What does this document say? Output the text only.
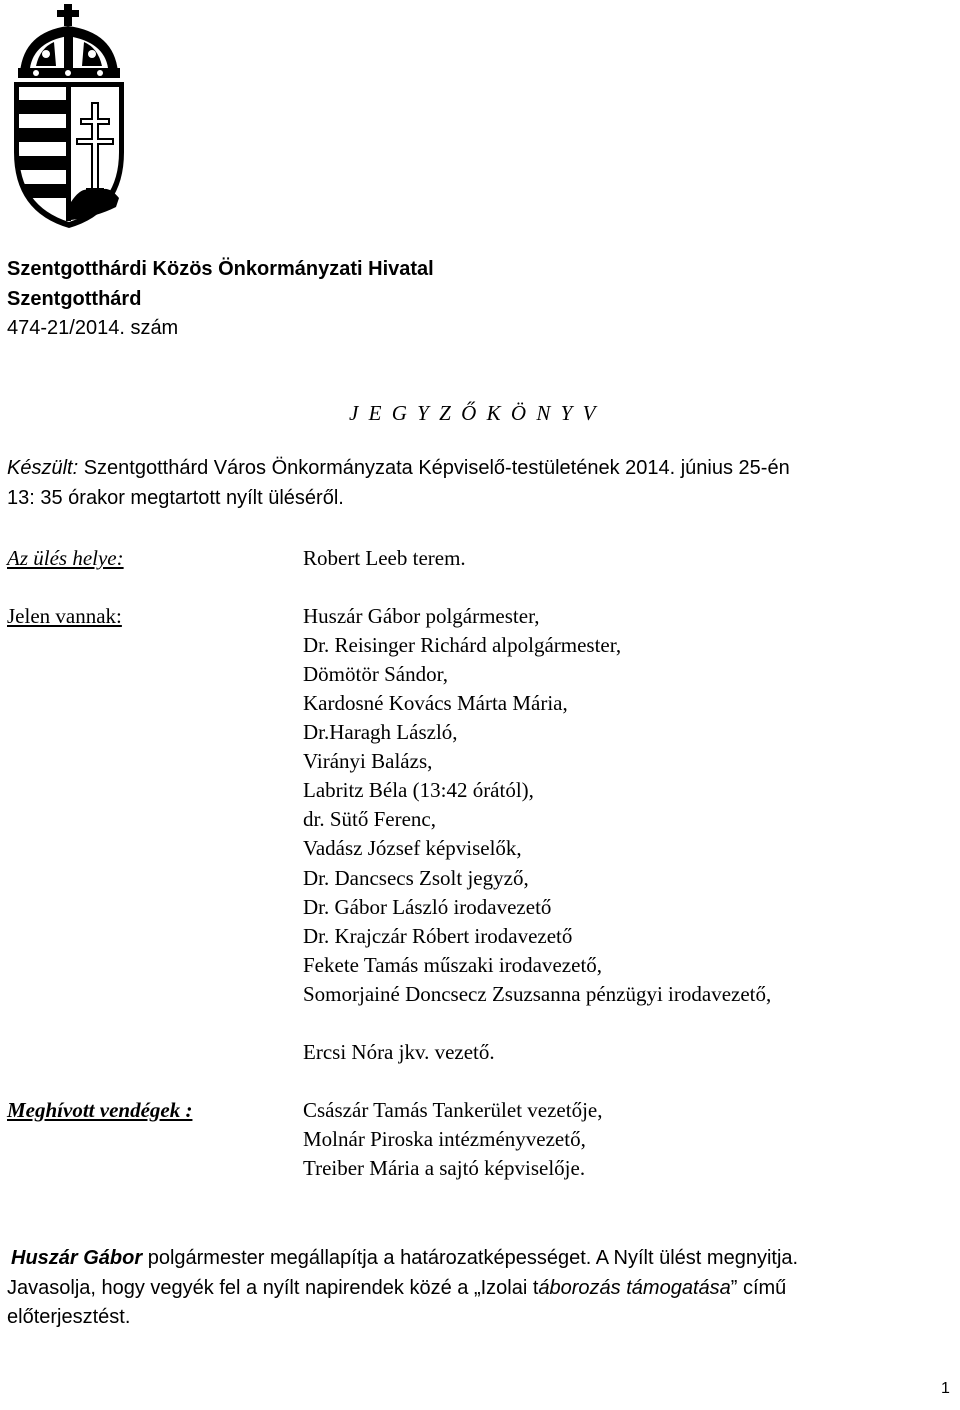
Szentgotthárdi Közös Önkormányzati Hivatal
Szentgotthárd
474-21/2014. szám
J E G Y Z Ő K Ö N Y V
Készült: Szentgotthárd Város Önkormányzata Képviselő-testületének 2014. június 25-én
13: 35 órakor megtartott nyílt üléséről.
Az ülés helye:	Robert Leeb terem.
Jelen vannak:	Huszár Gábor polgármester,
Dr. Reisinger Richárd alpolgármester,
Dömötör Sándor,
Kardosné Kovács Márta Mária,
Dr.Haragh László,
Virányi Balázs,
Labritz Béla (13:42 órától),
dr. Sütő Ferenc,
Vadász József képviselők,
Dr. Dancsecs Zsolt jegyző,
Dr. Gábor László irodavezető
Dr. Krajczár Róbert irodavezető
Fekete Tamás műszaki irodavezető,
Somorjainé Doncsecz Zsuzsanna pénzügyi irodavezető,
Ercsi Nóra jkv. vezető.
Meghívott vendégek :	Császár Tamás Tankerület vezetője,
Molnár Piroska intézményvezető,
Treiber Mária a sajtó képviselője.
Huszár Gábor polgármester megállapítja a határozatképességet. A Nyílt ülést megnyitja.
Javasolja, hogy vegyék fel a nyílt napirendek közé a „Izolai táborozás támogatása” című
előterjesztést.
1
